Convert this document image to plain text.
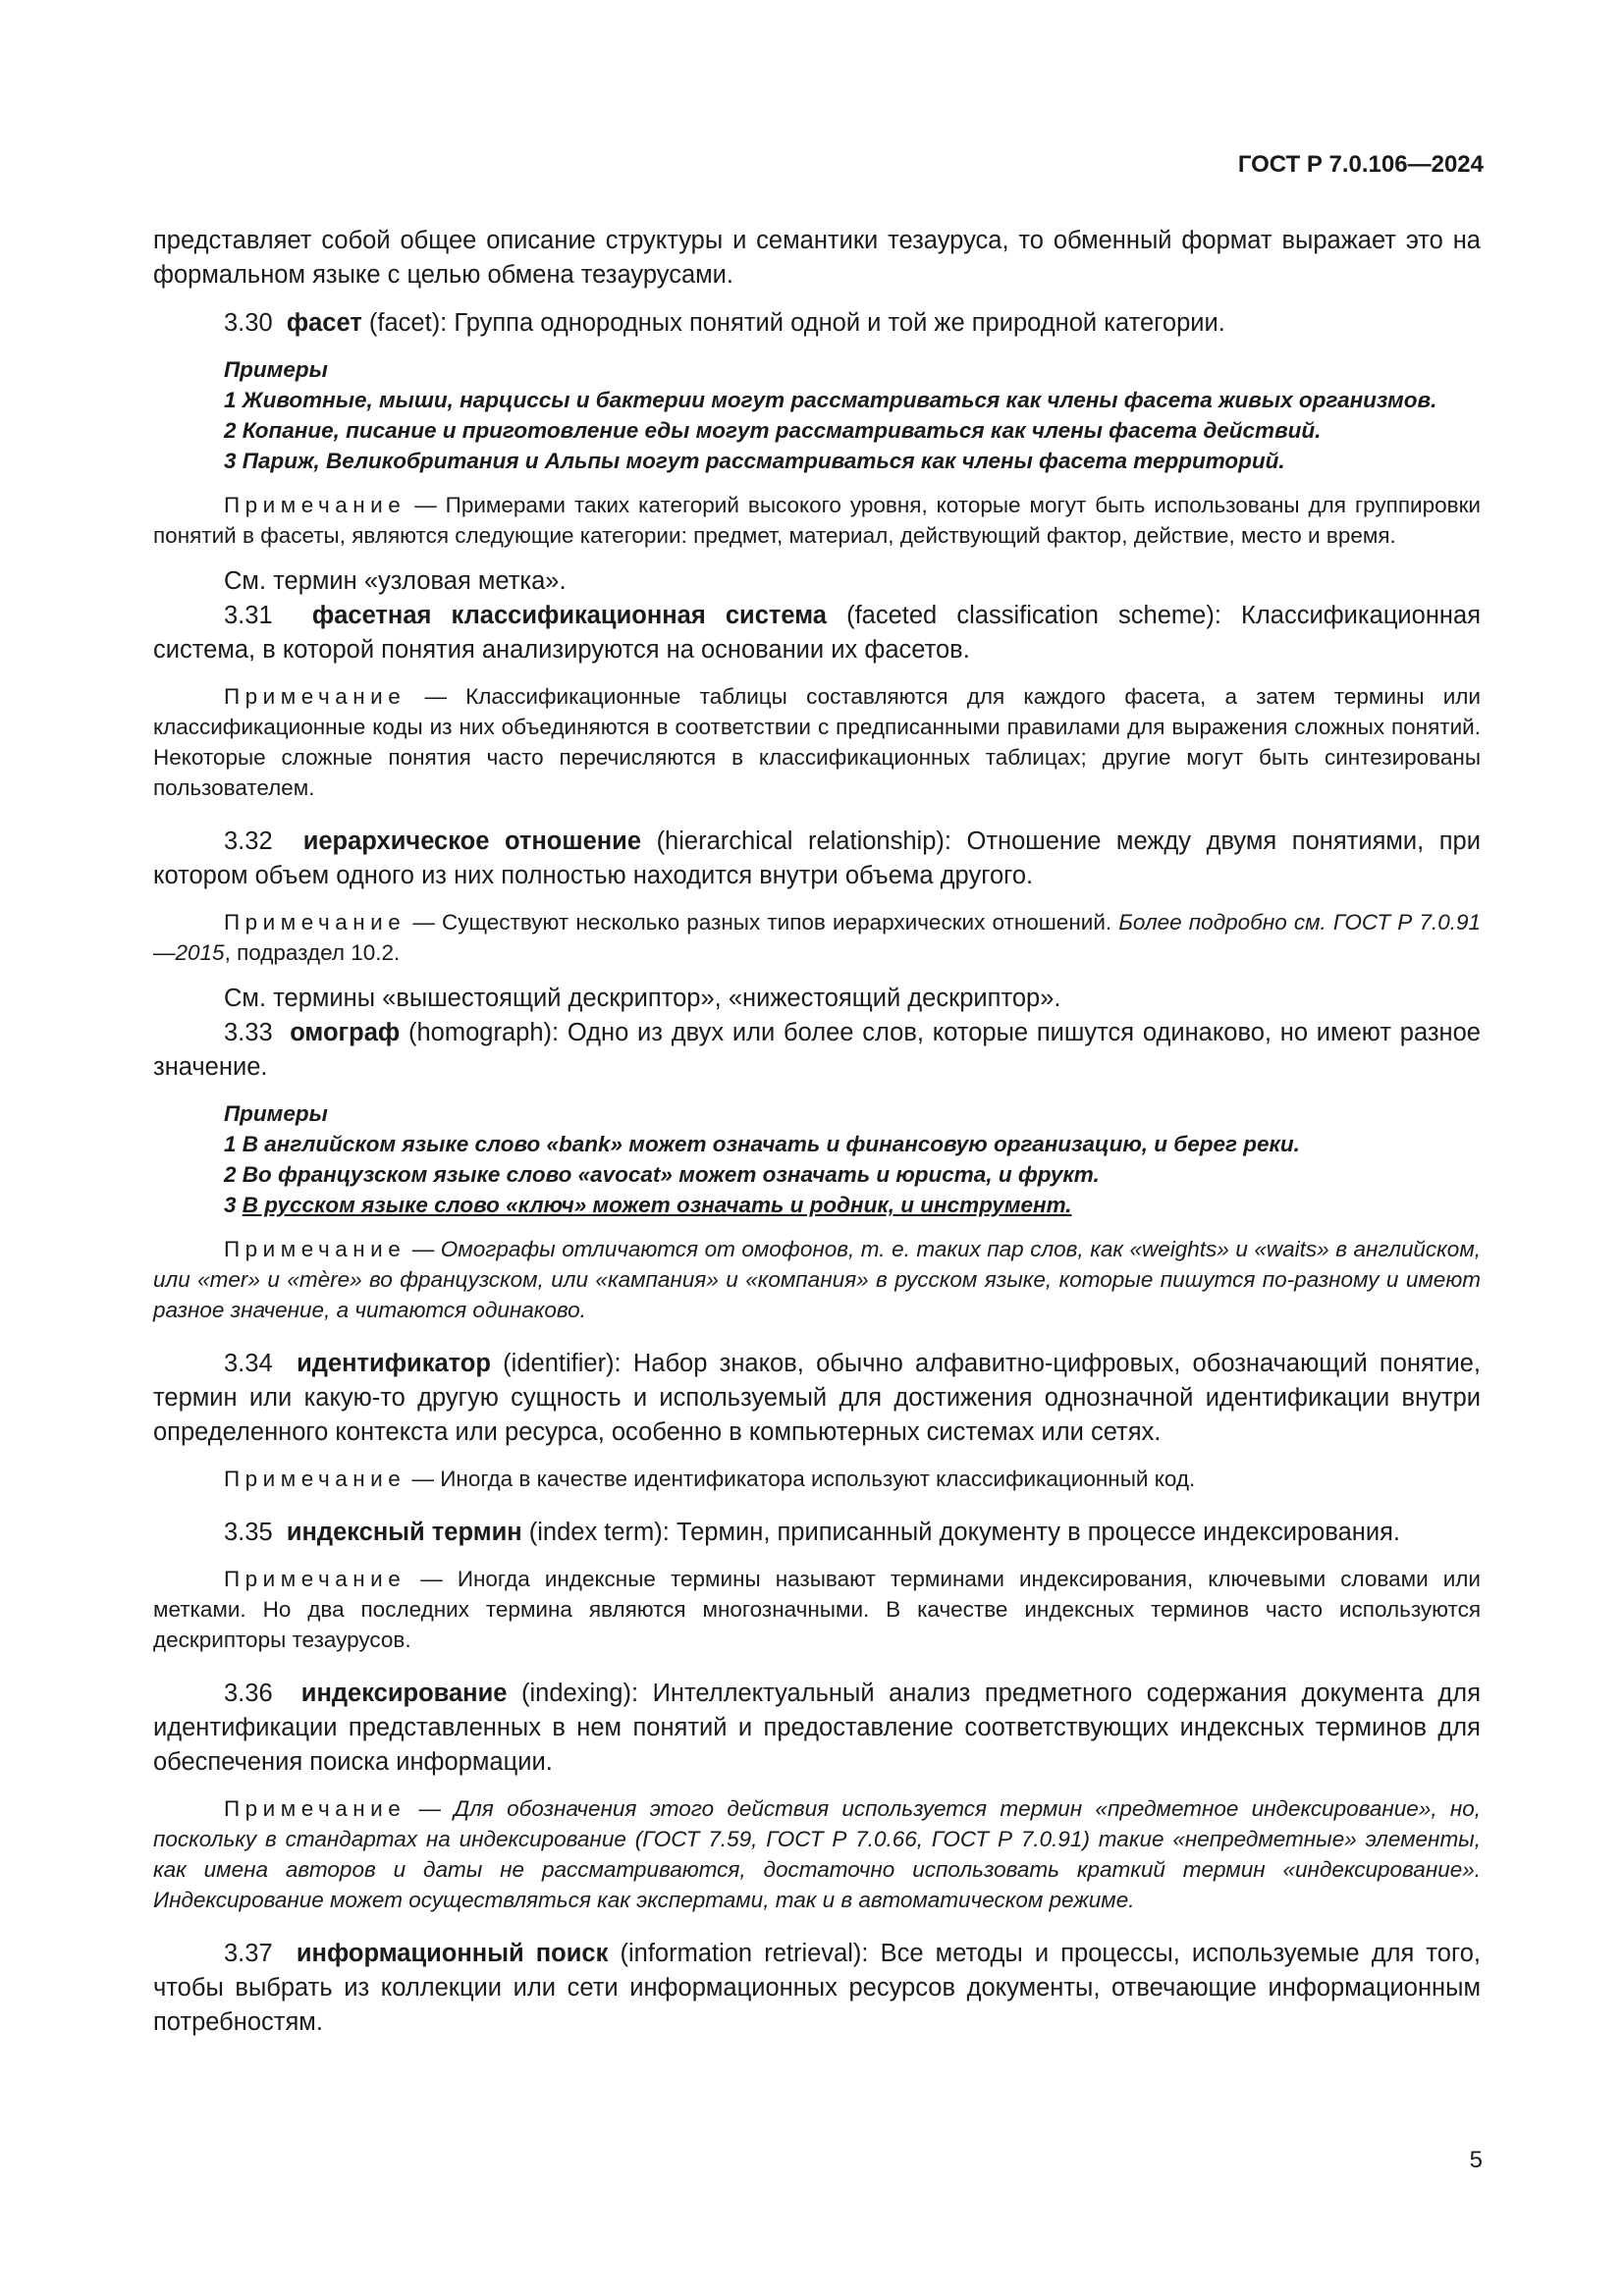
ГОСТ Р 7.0.106—2024

представляет собой общее описание структуры и семантики тезауруса, то обменный формат выражает это на формальном языке с целью обмена тезаурусами.

3.30 фасет (facet): Группа однородных понятий одной и той же природной категории.

Примеры

1 Животные, мыши, нарциссы и бактерии могут рассматриваться как члены фасета живых организмов.

2 Копание, писание и приготовление еды могут рассматриваться как члены фасета действий.

3 Париж, Великобритания и Альпы могут рассматриваться как члены фасета территорий.

Примечание — Примерами таких категорий высокого уровня, которые могут быть использованы для группировки понятий в фасеты, являются следующие категории: предмет, материал, действующий фактор, действие, место и время.

См. термин «узловая метка».

3.31 фасетная классификационная система (faceted classification scheme): Классификационная система, в которой понятия анализируются на основании их фасетов.

Примечание — Классификационные таблицы составляются для каждого фасета, а затем термины или классификационные коды из них объединяются в соответствии с предписанными правилами для выражения сложных понятий. Некоторые сложные понятия часто перечисляются в классификационных таблицах; другие могут быть синтезированы пользователем.

3.32 иерархическое отношение (hierarchical relationship): Отношение между двумя понятиями, при котором объем одного из них полностью находится внутри объема другого.

Примечание — Существуют несколько разных типов иерархических отношений. Более подробно см. ГОСТ Р 7.0.91—2015, подраздел 10.2.

См. термины «вышестоящий дескриптор», «нижестоящий дескриптор».

3.33 омограф (homograph): Одно из двух или более слов, которые пишутся одинаково, но имеют разное значение.

Примеры

1 В английском языке слово «bank» может означать и финансовую организацию, и берег реки.

2 Во французском языке слово «avocat» может означать и юриста, и фрукт.

3 В русском языке слово «ключ» может означать и родник, и инструмент.

Примечание — Омографы отличаются от омофонов, т. е. таких пар слов, как «weights» и «waits» в английском, или «mer» и «mère» во французском, или «кампания» и «компания» в русском языке, которые пишутся по-разному и имеют разное значение, а читаются одинаково.

3.34 идентификатор (identifier): Набор знаков, обычно алфавитно-цифровых, обозначающий понятие, термин или какую-то другую сущность и используемый для достижения однозначной идентификации внутри определенного контекста или ресурса, особенно в компьютерных системах или сетях.

Примечание — Иногда в качестве идентификатора используют классификационный код.

3.35 индексный термин (index term): Термин, приписанный документу в процессе индексирования.

Примечание — Иногда индексные термины называют терминами индексирования, ключевыми словами или метками. Но два последних термина являются многозначными. В качестве индексных терминов часто используются дескрипторы тезаурусов.

3.36 индексирование (indexing): Интеллектуальный анализ предметного содержания документа для идентификации представленных в нем понятий и предоставление соответствующих индексных терминов для обеспечения поиска информации.

Примечание — Для обозначения этого действия используется термин «предметное индексирование», но, поскольку в стандартах на индексирование (ГОСТ 7.59, ГОСТ Р 7.0.66, ГОСТ Р 7.0.91) такие «непредметные» элементы, как имена авторов и даты не рассматриваются, достаточно использовать краткий термин «индексирование». Индексирование может осуществляться как экспертами, так и в автоматическом режиме.

3.37 информационный поиск (information retrieval): Все методы и процессы, используемые для того, чтобы выбрать из коллекции или сети информационных ресурсов документы, отвечающие информационным потребностям.

5
